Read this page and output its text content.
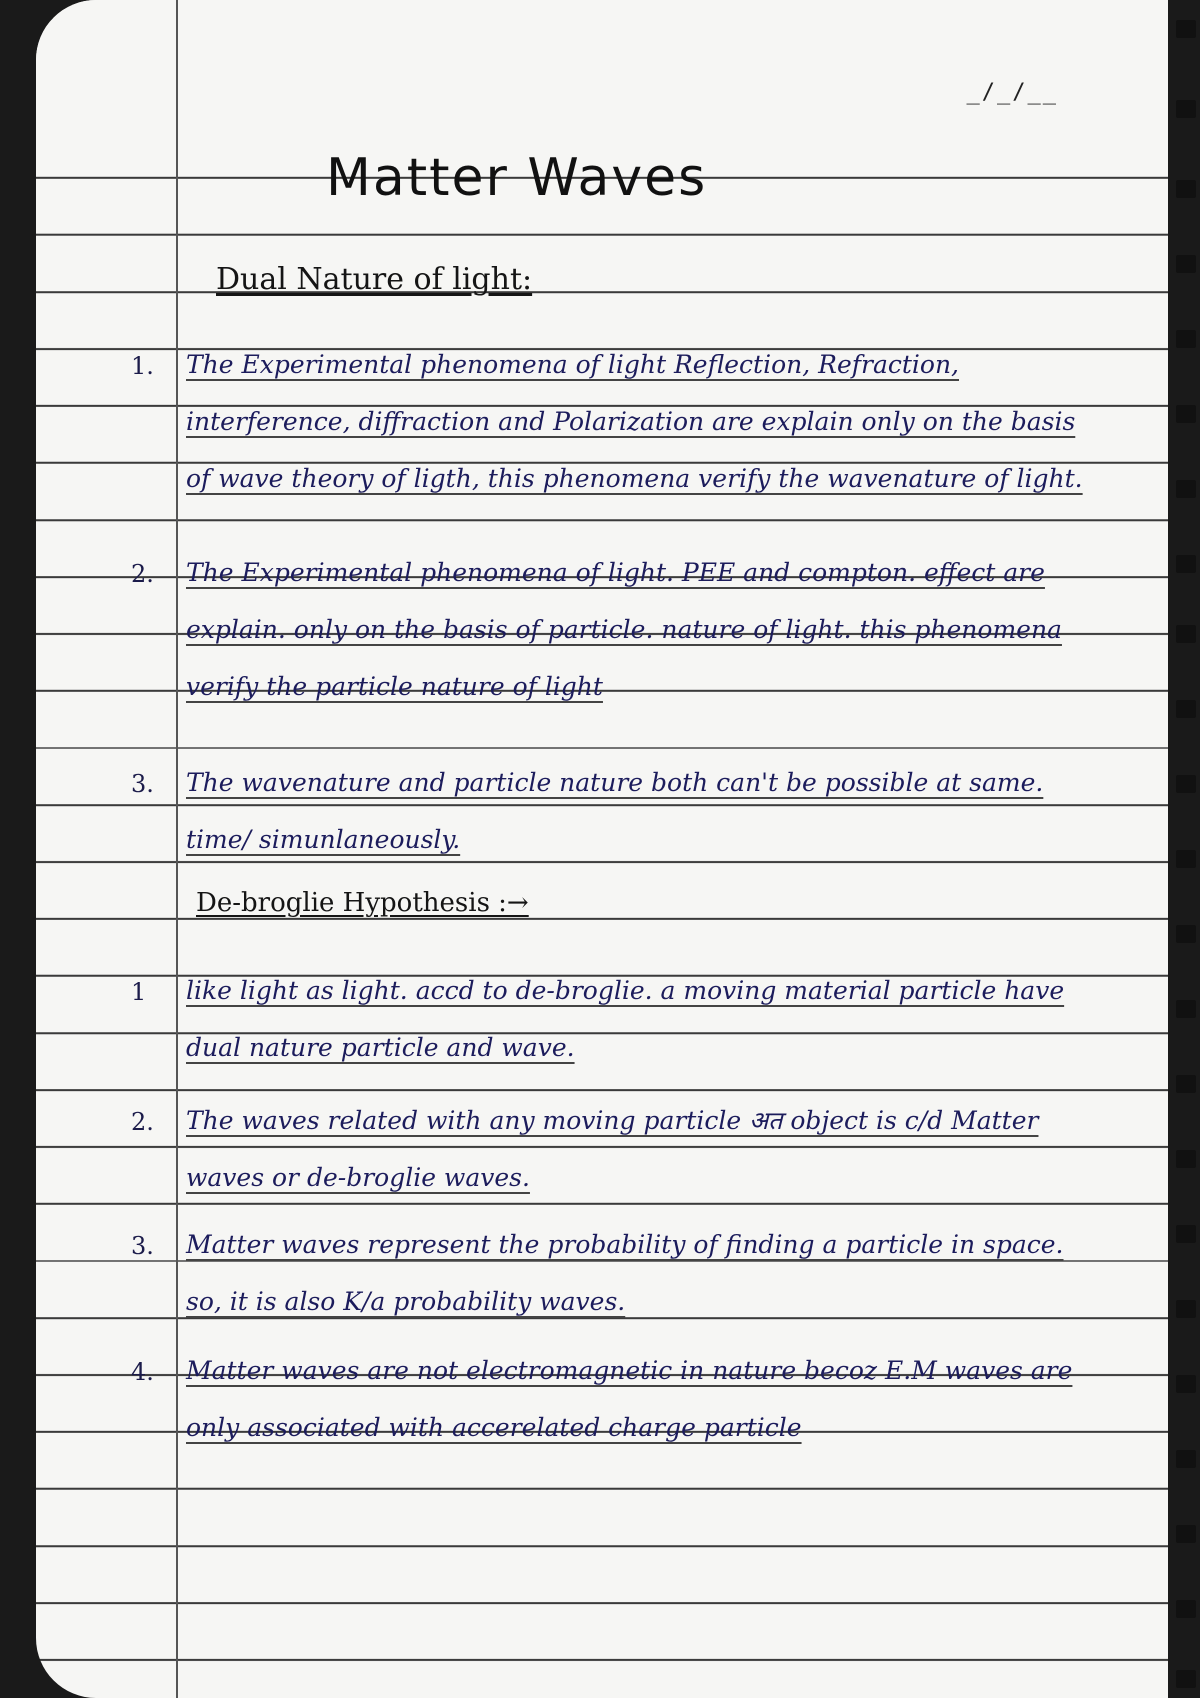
_/_/__
Matter Waves
Dual Nature of light:
1. The Experimental phenomena of light Reflection, Refraction, interference, diffraction and Polarization are explain only on the basis of wave theory of ligth, this phenomena verify the wavenature of light.
2. The Experimental phenomena of light. PEE and compton. effect are explain. only on the basis of particle. nature of light. this phenomena verify the particle nature of light
3. The wavenature and particle nature both can't be possible at same. time/ simunlaneously.
De-broglie Hypothesis :→
1 like light as light. accd to de-broglie. a moving material particle have dual nature particle and wave.
2. The waves related with any moving particle अत object is c/d Matter waves or de-broglie waves.
3. Matter waves represent the probability of finding a particle in space. so, it is also K/a probability waves.
4. Matter waves are not electromagnetic in nature becoz E.M waves are only associated with accerelated charge particle
